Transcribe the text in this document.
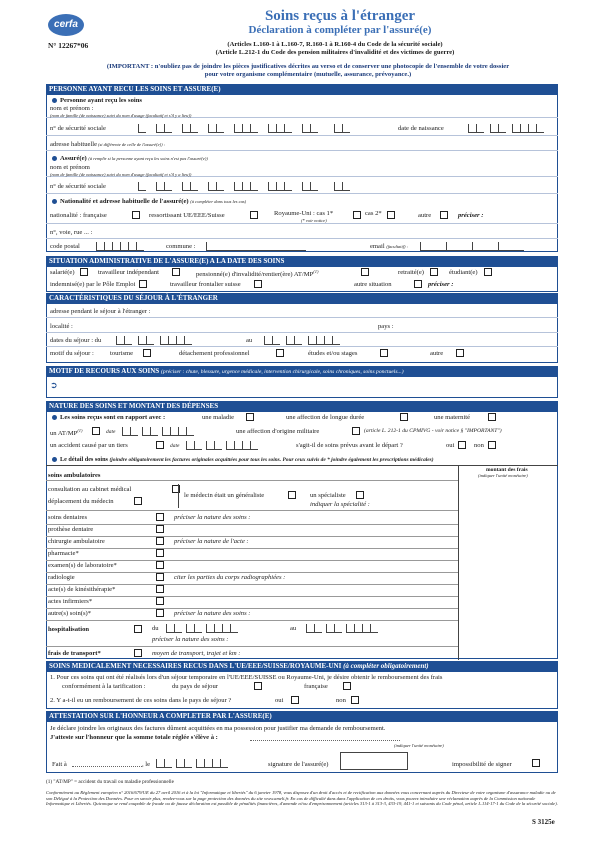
cerfa
N° 12267*06
Soins reçus à l'étranger
Déclaration à compléter par l'assuré(e)
(Articles L.160-1 à L.160-7, R.160-1 à R.160-4 du Code de la sécurité sociale)
(Article L.212-1 du Code des pension militaires d'invalidité et des victimes de guerre)
(IMPORTANT : n'oubliez pas de joindre les pièces justificatives décrites au verso et de conserver une photocopie de l'ensemble de votre dossier
pour votre organisme complémentaire (mutuelle, assurance, prévoyance.)
PERSONNE AYANT RECU LES SOINS ET ASSURE(E)
Personne ayant reçu les soins
nom et prénom :
(nom de famille (de naissance) suivi du nom d'usage (facultatif et s'il y a lieu))
n° de sécurité sociale	date de naissance
adresse habituelle (si différente de celle de l'assuré(e)) :
Assuré(e) (à remplir si la personne ayant reçu les soins n'est pas l'assuré(e))
nom et prénom
(nom de famille (de naissance) suivi du nom d'usage (facultatif et s'il y a lieu))
n° de sécurité sociale
Nationalité et adresse habituelle de l'assuré(e) (à compléter dans tous les cas)
nationalité : française	ressortissant UE/EEE/Suisse	Royaume-Uni : cas 1*
(* voir notice)
cas 2*	autre	préciser :
n°, voie, rue ... :
code postal	commune :	email (facultatif) :
SITUATION ADMINISTRATIVE DE L'ASSURE(E) A LA DATE DES SOINS
salarié(e)	travailleur indépendant	pensionné(e) d'invalidité/rentier(ère) AT/MP$^{(1)}$	retraité(e)	étudiant(e)
indemnisé(e) par le Pôle Emploi	travailleur frontalier suisse	autre situation	préciser :
CARACTÉRISTIQUES DU SÉJOUR À L'ÉTRANGER
adresse pendant le séjour à l'étranger :
localité :	pays :
dates du séjour : du	au
motif du séjour : tourisme	détachement professionnel	études et/ou stages	autre
MOTIF DE RECOURS AUX SOINS (préciser : chute, blessure, urgence médicale, intervention chirurgicale, soins chroniques, soins ponctuels...)
➲
NATURE DES SOINS ET MONTANT DES DÉPENSES
Les soins reçus sont en rapport avec :	une maladie	une affection de longue durée	une maternité
un AT/MP$^{(1)}$	date	une affection d'origine militaire	(article L. 212-1 du CPMIVG - voir notice § "IMPORTANT")
un accident causé par un tiers	date	s'agit-il de soins prévus avant le départ ?	oui	non
Le détail des soins (joindre obligatoirement les factures originales acquittées pour tous les soins. Pour ceux suivis de * joindre également les prescriptions médicales)
montant des frais
(indiquer l'unité monétaire)
soins ambulatoires
consultation au cabinet médical
déplacement du médecin
le médecin était un généraliste	un spécialiste
indiquer la spécialité :
soins dentaires	préciser la nature des soins :
prothèse dentaire
chirurgie ambulatoire	préciser la nature de l'acte :
pharmacie*
examen(s) de laboratoire*
radiologie	citer les parties du corps radiographiées :
acte(s) de kinésithérapie*
actes infirmiers*
autre(s) soin(s)*	préciser la nature des soins :
hospitalisation	du	au
préciser la nature des soins :
frais de transport*	moyen de transport, trajet et km :
SOINS MEDICALEMENT NECESSAIRES RECUS DANS L'UE/EEE/SUISSE/ROYAUME-UNI (à compléter obligatoirement)
1. Pour ces soins qui ont été réalisés lors d'un séjour temporaire en l'UE/EEE/SUISSE ou Royaume-Uni, je désire obtenir le remboursement des frais
conformément à la tarification :	du pays de séjour	française
2. Y a-t-il eu un remboursement de ces soins dans le pays de séjour ?	oui	non
ATTESTATION SUR L'HONNEUR A COMPLETER PAR L'ASSURE(E)
Je déclare joindre les originaux des factures dûment acquittées en ma possession pour justifier ma demande de remboursement.
J'atteste sur l'honneur que la somme totale réglée s'élève à :
(indiquer l'unité monétaire)
Fait à	, le	signature de l'assuré(e)	impossibilité de signer
(1) "AT/MP" = accident du travail ou maladie professionnelle
Conformément au Règlement européen n° 2016/679/UE du 27 avril 2016 et à la loi "Informatique et libertés" du 6 janvier 1978, vous disposez d'un droit d'accès et de rectification aux données vous concernant auprès du Directeur de votre organisme d'assurance maladie ou de son Délégué à la Protection des Données. Pour en savoir plus, rendez-vous sur la page protection des données du site www.ameli.fr. En cas de difficulté dans dans l'application de ces droits, vous pouvez introduire une réclamation auprès de la Commission nationale Informatique et Libertés. Quiconque se rend coupable de fraude ou de fausse déclaration est passible de pénalités financières, d'amende et/ou d'emprisonnement (articles 313-1 à 313-3, 433-19, 441-1 et suivants du Code pénal, article L.114-17-1 du Code de la sécurité sociale).
S 3125e
